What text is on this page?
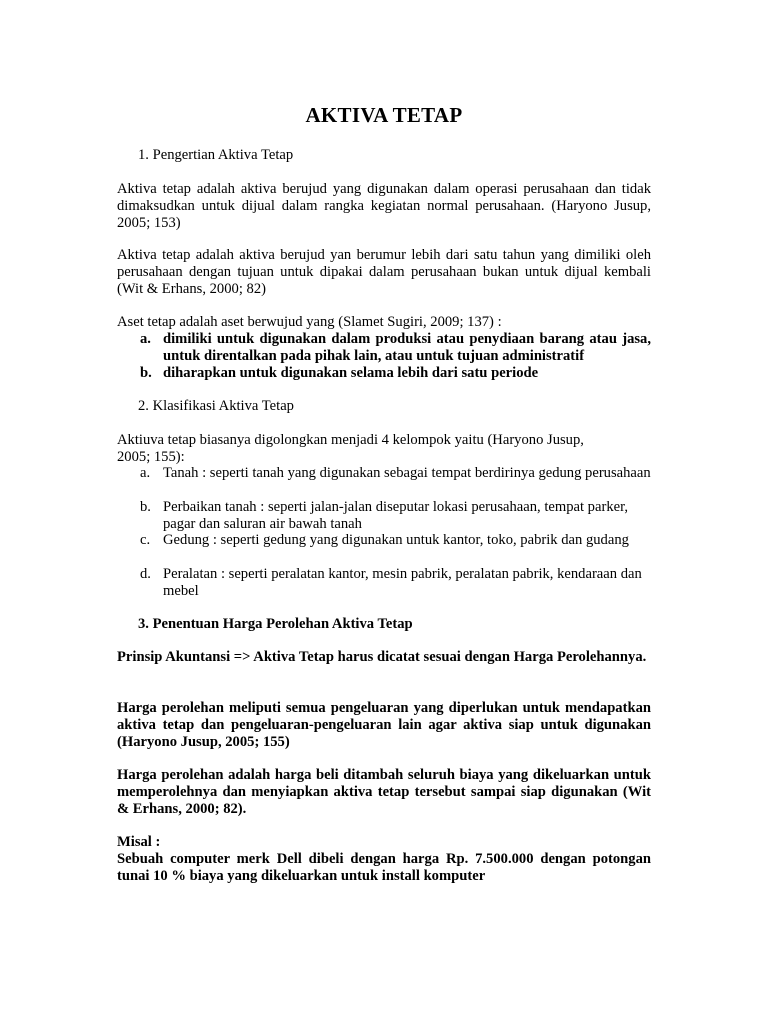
AKTIVA TETAP
1. Pengertian Aktiva Tetap
Aktiva tetap adalah aktiva berujud yang digunakan dalam operasi perusahaan dan tidak dimaksudkan untuk dijual dalam rangka kegiatan normal perusahaan. (Haryono Jusup, 2005; 153)
Aktiva tetap adalah aktiva berujud yan berumur lebih dari satu tahun yang dimiliki oleh perusahaan dengan tujuan untuk dipakai dalam perusahaan bukan untuk dijual kembali (Wit & Erhans, 2000; 82)
Aset tetap adalah aset berwujud yang (Slamet Sugiri, 2009; 137) :
a. dimiliki untuk digunakan dalam produksi atau penydiaan barang atau jasa, untuk direntalkan pada pihak lain, atau untuk tujuan administratif
b. diharapkan untuk digunakan selama lebih dari satu periode
2. Klasifikasi Aktiva Tetap
Aktiuva tetap biasanya digolongkan menjadi 4 kelompok yaitu (Haryono Jusup, 2005; 155):
a. Tanah : seperti tanah yang digunakan sebagai tempat berdirinya gedung perusahaan
b. Perbaikan tanah : seperti jalan-jalan diseputar lokasi perusahaan, tempat parker, pagar dan saluran air bawah tanah
c. Gedung : seperti gedung yang digunakan untuk kantor, toko, pabrik dan gudang
d. Peralatan : seperti peralatan kantor, mesin pabrik, peralatan pabrik, kendaraan dan mebel
3. Penentuan Harga Perolehan Aktiva Tetap
Prinsip Akuntansi => Aktiva Tetap harus dicatat sesuai dengan Harga Perolehannya.
Harga perolehan meliputi semua pengeluaran yang diperlukan untuk mendapatkan aktiva tetap dan pengeluaran-pengeluaran lain agar aktiva siap untuk digunakan (Haryono Jusup, 2005; 155)
Harga perolehan adalah harga beli ditambah seluruh biaya yang dikeluarkan untuk memperolehnya dan menyiapkan aktiva tetap tersebut sampai siap digunakan (Wit & Erhans, 2000; 82).
Misal :
Sebuah computer merk Dell dibeli dengan harga Rp. 7.500.000 dengan potongan tunai 10 % biaya yang dikeluarkan untuk install komputer
